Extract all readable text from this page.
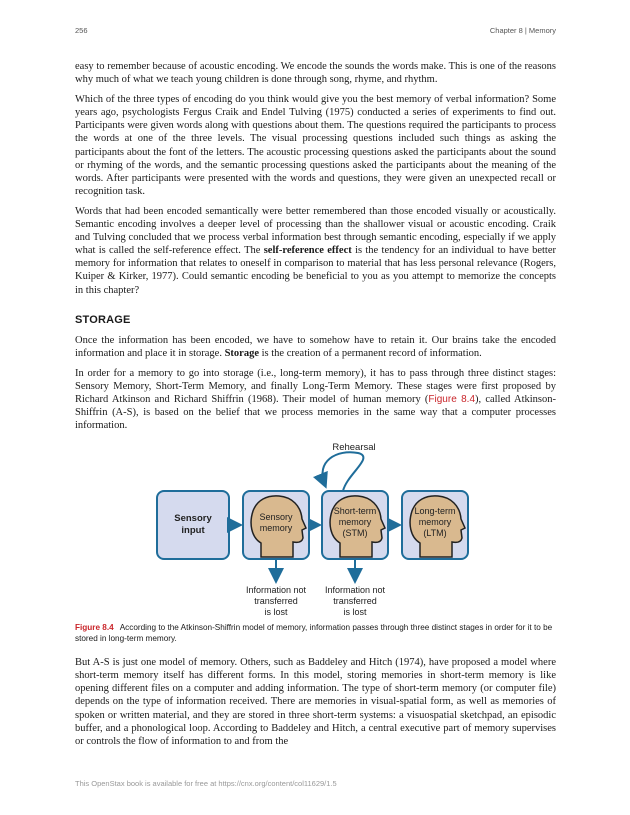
256	Chapter 8 | Memory

easy to remember because of acoustic encoding. We encode the sounds the words make. This is one of the reasons why much of what we teach young children is done through song, rhyme, and rhythm.

Which of the three types of encoding do you think would give you the best memory of verbal information? Some years ago, psychologists Fergus Craik and Endel Tulving (1975) conducted a series of experiments to find out. Participants were given words along with questions about them. The questions required the participants to process the words at one of the three levels. The visual processing questions included such things as asking the participants about the font of the letters. The acoustic processing questions asked the participants about the sound or rhyming of the words, and the semantic processing questions asked the participants about the meaning of the words. After participants were presented with the words and questions, they were given an unexpected recall or recognition task.

Words that had been encoded semantically were better remembered than those encoded visually or acoustically. Semantic encoding involves a deeper level of processing than the shallower visual or acoustic encoding. Craik and Tulving concluded that we process verbal information best through semantic encoding, especially if we apply what is called the self-reference effect. The self-reference effect is the tendency for an individual to have better memory for information that relates to oneself in comparison to material that has less personal relevance (Rogers, Kuiper & Kirker, 1977). Could semantic encoding be beneficial to you as you attempt to memorize the concepts in this chapter?

STORAGE

Once the information has been encoded, we have to somehow have to retain it. Our brains take the encoded information and place it in storage. Storage is the creation of a permanent record of information.

In order for a memory to go into storage (i.e., long-term memory), it has to pass through three distinct stages: Sensory Memory, Short-Term Memory, and finally Long-Term Memory. These stages were first proposed by Richard Atkinson and Richard Shiffrin (1968). Their model of human memory (Figure 8.4), called Atkinson-Shiffrin (A-S), is based on the belief that we process memories in the same way that a computer processes information.

Rehearsal
Sensory
input
Sensory
memory
Short-term
memory
(STM)
Long-term
memory
(LTM)
Information not
transferred
is lost
Information not
transferred
is lost
Figure 8.4 According to the Atkinson-Shiffrin model of memory, information passes through three distinct stages in order for it to be stored in long-term memory.

But A-S is just one model of memory. Others, such as Baddeley and Hitch (1974), have proposed a model where short-term memory itself has different forms. In this model, storing memories in short-term memory is like opening different files on a computer and adding information. The type of short-term memory (or computer file) depends on the type of information received. There are memories in visual-spatial form, as well as memories of spoken or written material, and they are stored in three short-term systems: a visuospatial sketchpad, an episodic buffer, and a phonological loop. According to Baddeley and Hitch, a central executive part of memory supervises or controls the flow of information to and from the

This OpenStax book is available for free at https://cnx.org/content/col11629/1.5
